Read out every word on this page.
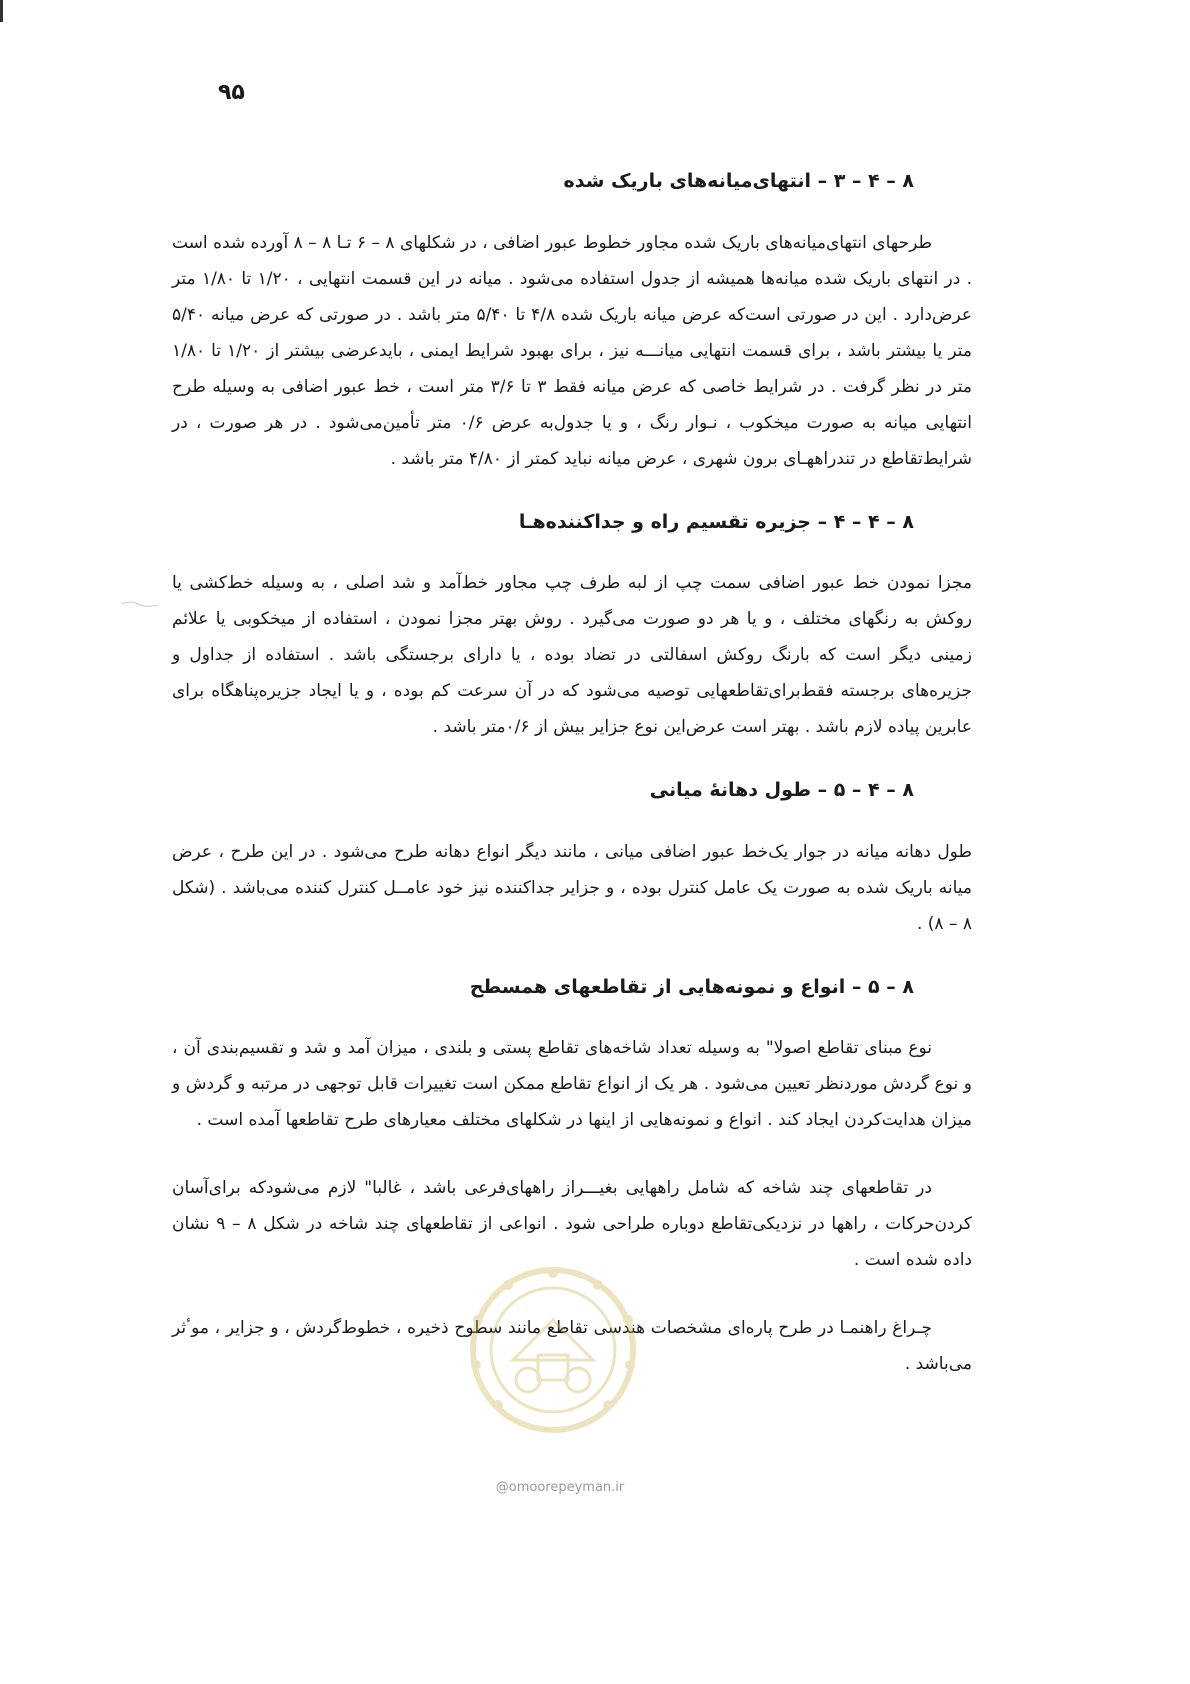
۹۵
۸ – ۴ – ۳ – انتهای‌میانه‌های باریک شده

طرحهای انتهای‌میانه‌های باریک شده مجاور خطوط عبور اضافی ، در شکلهای ۸ – ۶ تـا ۸ – ۸ آورده شده است . در انتهای باریک شده میانه‌ها همیشه از جدول استفاده می‌شود . میانه در این قسمت انتهایی ، ۱/۲۰ تا ۱/۸۰ متر عرض‌دارد . این در صورتی است‌که عرض میانه باریک شده ۴/۸ تا ۵/۴۰ متر باشد . در صورتی که عرض میانه ۵/۴۰ متر یا بیشتر باشد ، برای قسمت انتهایی میانـــه نیز ، برای بهبود شرایط ایمنی ، باید‌عرضی بیشتر از ۱/۲۰ تا ۱/۸۰ متر در نظر گرفت . در شرایط خاصی که عرض میانه فقط ۳ تا ۳/۶ متر است ، خط عبور اضافی به وسیله طرح انتهایی میانه به صورت میخکوب ، نـوار رنگ ، و یا جدول‌به عرض ۰/۶ متر تأمین‌می‌شود . در هر صورت ، در شرایط‌تقاطع در تند‌راههـای برون شهری ، عرض میانه نباید کمتر از ۴/۸۰ متر باشد .

۸ – ۴ – ۴ – جزیره تقسیم راه و جداکننده‌هـا

مجزا نمودن خط عبور اضافی سمت چپ از لبه طرف چپ مجاور خط‌آمد و شد اصلی ، به وسیله خط‌کشی یا روکش به رنگهای مختلف ، و یا هر دو صورت می‌گیرد . روش بهتر مجزا نمودن ، استفاده از میخکوبی یا علائم زمینی دیگر است که بارنگ روکش اسفالتی در تضاد بوده ، یا دارای برجستگی باشد . استفاده از جداول و جزیره‌های برجسته فقط‌برای‌تقاطعهایی توصیه می‌شود که در آن سرعت کم بوده ، و یا ایجاد جزیره‌پناهگاه برای عابرین پیاده لازم باشد . بهتر است عرض‌این نوع جزایر بیش از ۰/۶متر باشد .

۸ – ۴ – ۵ – طول دهانهٔ میانی

طول دهانه میانه در جوار یک‌خط عبور اضافی میانی ، مانند دیگر انواع دهانه طرح می‌شود . در این طرح ، عرض میانه باریک شده به صورت یک عامل کنترل بوده ، و جزایر جداکننده نیز خود عامــل کنترل کننده می‌باشد . (شکل ۸ – ۸) .

۸ – ۵ – انواع و نمونه‌هایی از تقاطعهای همسطح

نوع مبنای تقاطع اصولا" به وسیله تعداد شاخه‌های تقاطع پستی و بلندی ، میزان آمد و شد و تقسیم‌بندی آن ، و نوع گردش موردنظر تعیین می‌شود . هر یک از انواع تقاطع ممکن است تغییرات قابل توجهی در مرتبه و گردش و میزان هدایت‌کردن ایجاد کند . انواع و نمونه‌هایی از اینها در شکلهای مختلف معیارهای طرح تقاطعها آمده است .

در تقاطعهای چند شاخه که شامل راههایی بغیـــراز راههای‌فرعی باشد ، غالبا" لازم می‌شودکه برای‌آسان کردن‌حرکات ، راهها در نزدیکی‌تقاطع دوباره طراحی شود . انواعی از تقاطعهای چند شاخه در شکل ۸ – ۹ نشان داده شده است .

چـراغ راهنمـا در طرح پاره‌ای مشخصات هندسی تقاطع مانند سطوح ذخیره ، خطوط‌گردش ، و جزایر ، موٴثر می‌باشد .

@omoorepeyman.ir
